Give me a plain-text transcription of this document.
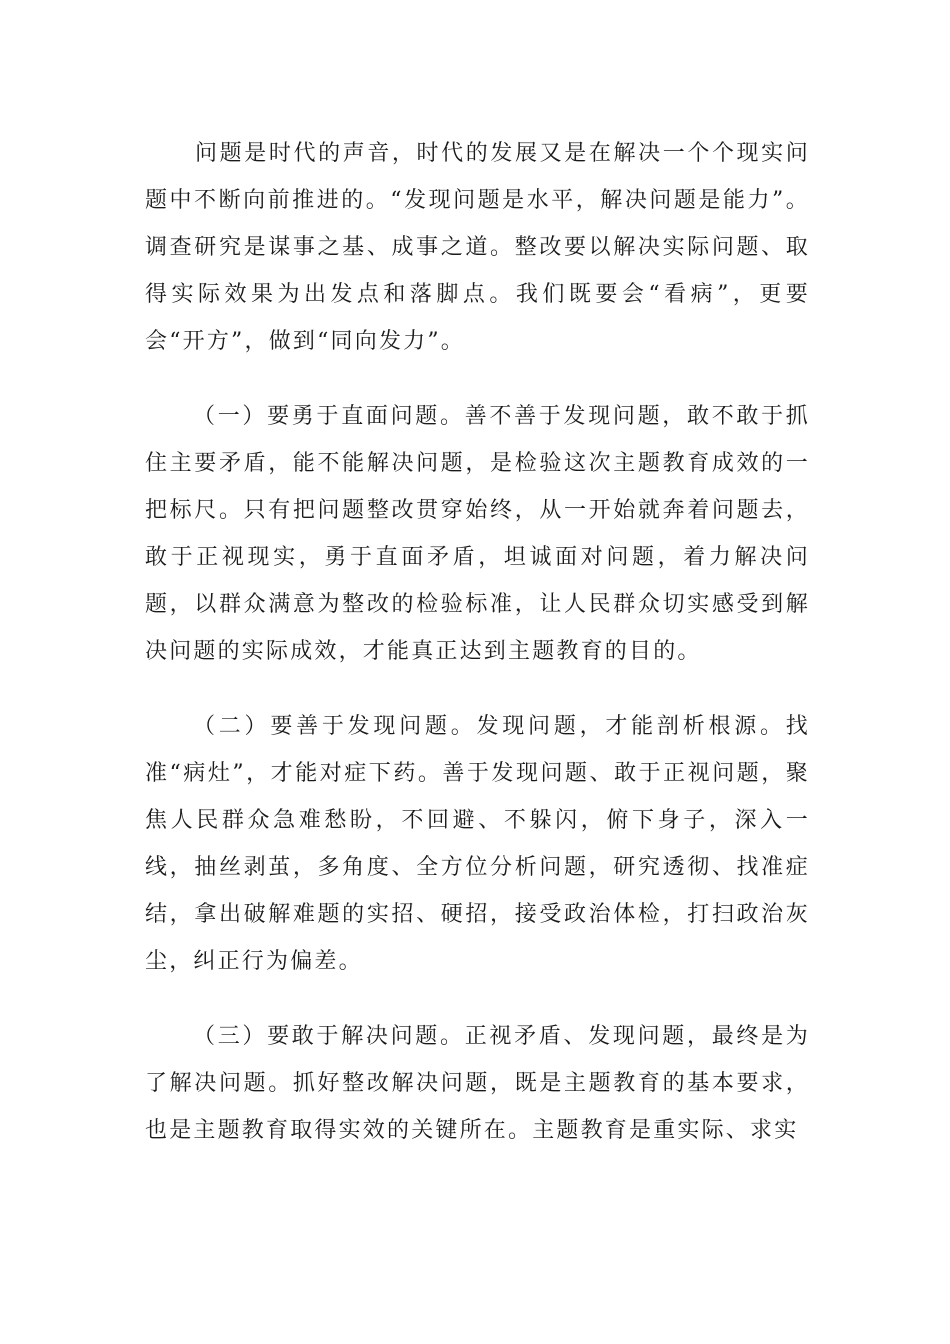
问题是时代的声音，时代的发展又是在解决一个个现实问题中不断向前推进的。“发现问题是水平，解决问题是能力”。调查研究是谋事之基、成事之道。整改要以解决实际问题、取得实际效果为出发点和落脚点。我们既要会“看病”，更要会“开方”，做到“同向发力”。

（一）要勇于直面问题。善不善于发现问题，敢不敢于抓住主要矛盾，能不能解决问题，是检验这次主题教育成效的一把标尺。只有把问题整改贯穿始终，从一开始就奔着问题去，敢于正视现实，勇于直面矛盾，坦诚面对问题，着力解决问题，以群众满意为整改的检验标准，让人民群众切实感受到解决问题的实际成效，才能真正达到主题教育的目的。

（二）要善于发现问题。发现问题，才能剖析根源。找准“病灶”，才能对症下药。善于发现问题、敢于正视问题，聚焦人民群众急难愁盼，不回避、不躲闪，俯下身子，深入一线，抽丝剥茧，多角度、全方位分析问题，研究透彻、找准症结，拿出破解难题的实招、硬招，接受政治体检，打扫政治灰尘，纠正行为偏差。

（三）要敢于解决问题。正视矛盾、发现问题，最终是为了解决问题。抓好整改解决问题，既是主题教育的基本要求，也是主题教育取得实效的关键所在。主题教育是重实际、求实
